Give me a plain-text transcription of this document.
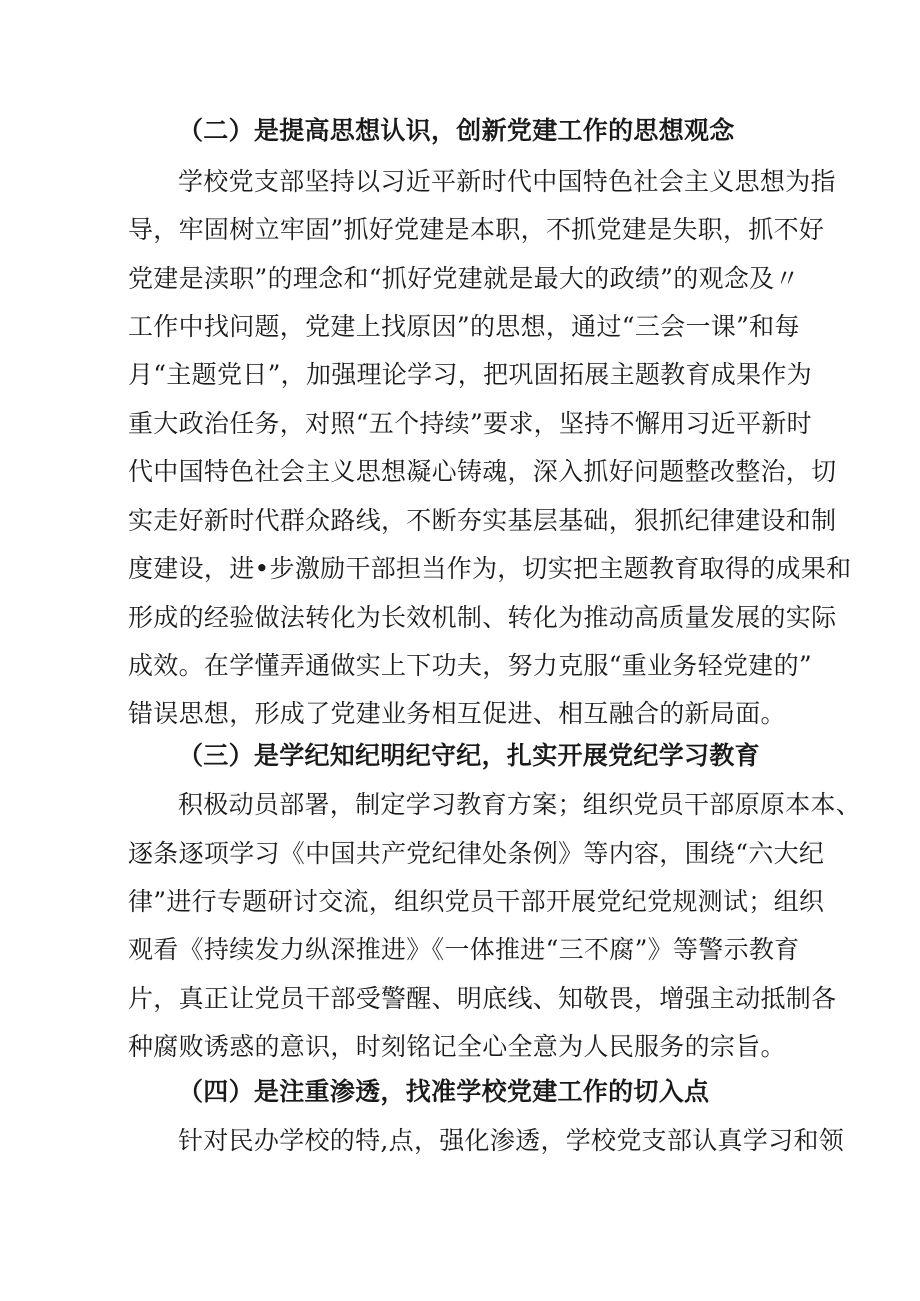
（二）是提高思想认识，创新党建工作的思想观念

学校党支部坚持以习近平新时代中国特色社会主义思想为指

导，牢固树立牢固”抓好党建是本职，不抓党建是失职，抓不好

党建是渎职”的理念和“抓好党建就是最大的政绩”的观念及〃

工作中找问题，党建上找原因”的思想，通过“三会一课”和每

月“主题党日”，加强理论学习，把巩固拓展主题教育成果作为

重大政治任务，对照“五个持续”要求，坚持不懈用习近平新时

代中国特色社会主义思想凝心铸魂，深入抓好问题整改整治，切

实走好新时代群众路线，不断夯实基层基础，狠抓纪律建设和制

度建设，进•步激励干部担当作为，切实把主题教育取得的成果和

形成的经验做法转化为长效机制、转化为推动高质量发展的实际

成效。在学懂弄通做实上下功夫，努力克服“重业务轻党建的”

错误思想，形成了党建业务相互促进、相互融合的新局面。

（三）是学纪知纪明纪守纪，扎实开展党纪学习教育

积极动员部署，制定学习教育方案；组织党员干部原原本本、

逐条逐项学习《中国共产党纪律处条例》等内容，围绕“六大纪

律”进行专题研讨交流，组织党员干部开展党纪党规测试；组织

观看《持续发力纵深推进》《一体推进“三不腐”》等警示教育

片，真正让党员干部受警醒、明底线、知敬畏，增强主动抵制各

种腐败诱惑的意识，时刻铭记全心全意为人民服务的宗旨。

（四）是注重渗透，找准学校党建工作的切入点

针对民办学校的特,点，强化渗透，学校党支部认真学习和领
